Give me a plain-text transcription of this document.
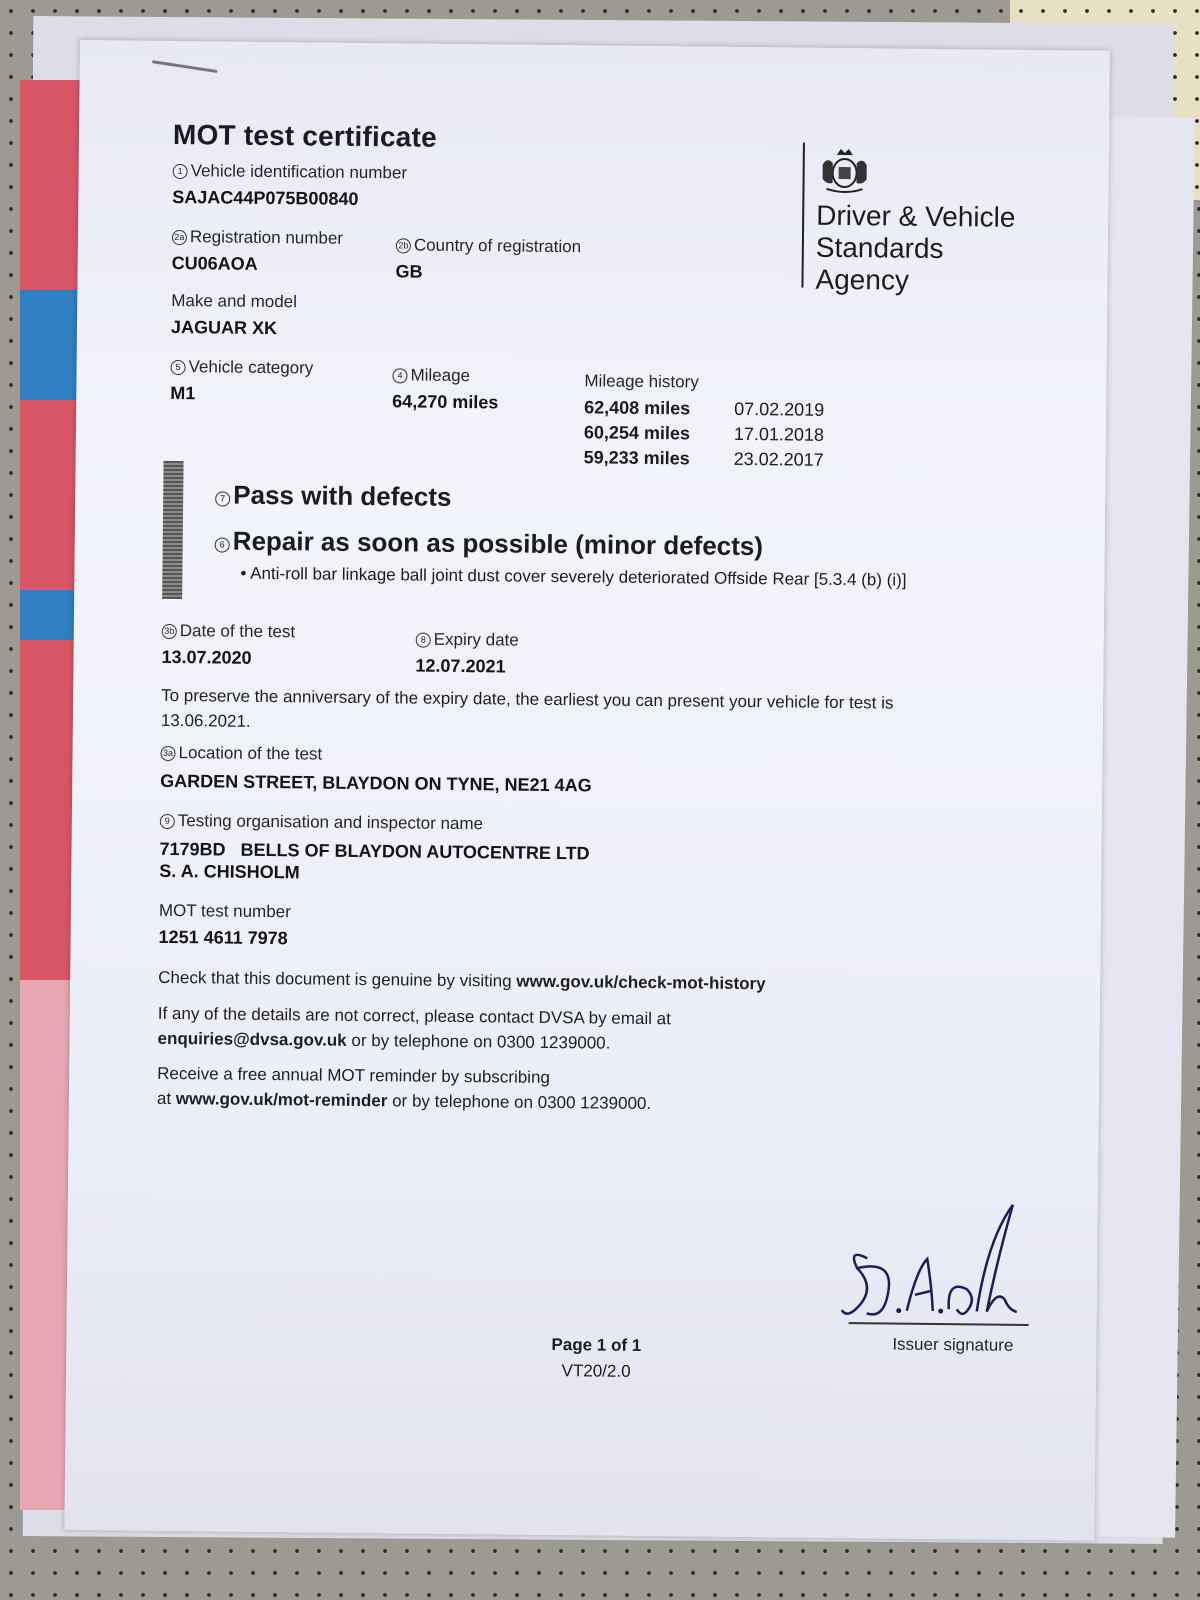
MOT test certificate
1 Vehicle identification number
SAJAC44P075B00840
2a Registration number
CU06AOA
2b Country of registration
GB
Make and model
JAGUAR XK
5 Vehicle category
M1
4 Mileage
64,270 miles
Mileage history
62,408 miles 07.02.2019
60,254 miles 17.01.2018
59,233 miles 23.02.2017
Driver & Vehicle
Standards
Agency
7 Pass with defects
6 Repair as soon as possible (minor defects)
• Anti-roll bar linkage ball joint dust cover severely deteriorated Offside Rear [5.3.4 (b) (i)]
3b Date of the test
13.07.2020
8 Expiry date
12.07.2021
To preserve the anniversary of the expiry date, the earliest you can present your vehicle for test is
13.06.2021.
3a Location of the test
GARDEN STREET, BLAYDON ON TYNE, NE21 4AG
9 Testing organisation and inspector name
7179BD BELLS OF BLAYDON AUTOCENTRE LTD
S. A. CHISHOLM
MOT test number
1251 4611 7978
Check that this document is genuine by visiting www.gov.uk/check-mot-history
If any of the details are not correct, please contact DVSA by email at
enquiries@dvsa.gov.uk or by telephone on 0300 1239000.
Receive a free annual MOT reminder by subscribing
at www.gov.uk/mot-reminder or by telephone on 0300 1239000.
Issuer signature
Page 1 of 1
VT20/2.0
